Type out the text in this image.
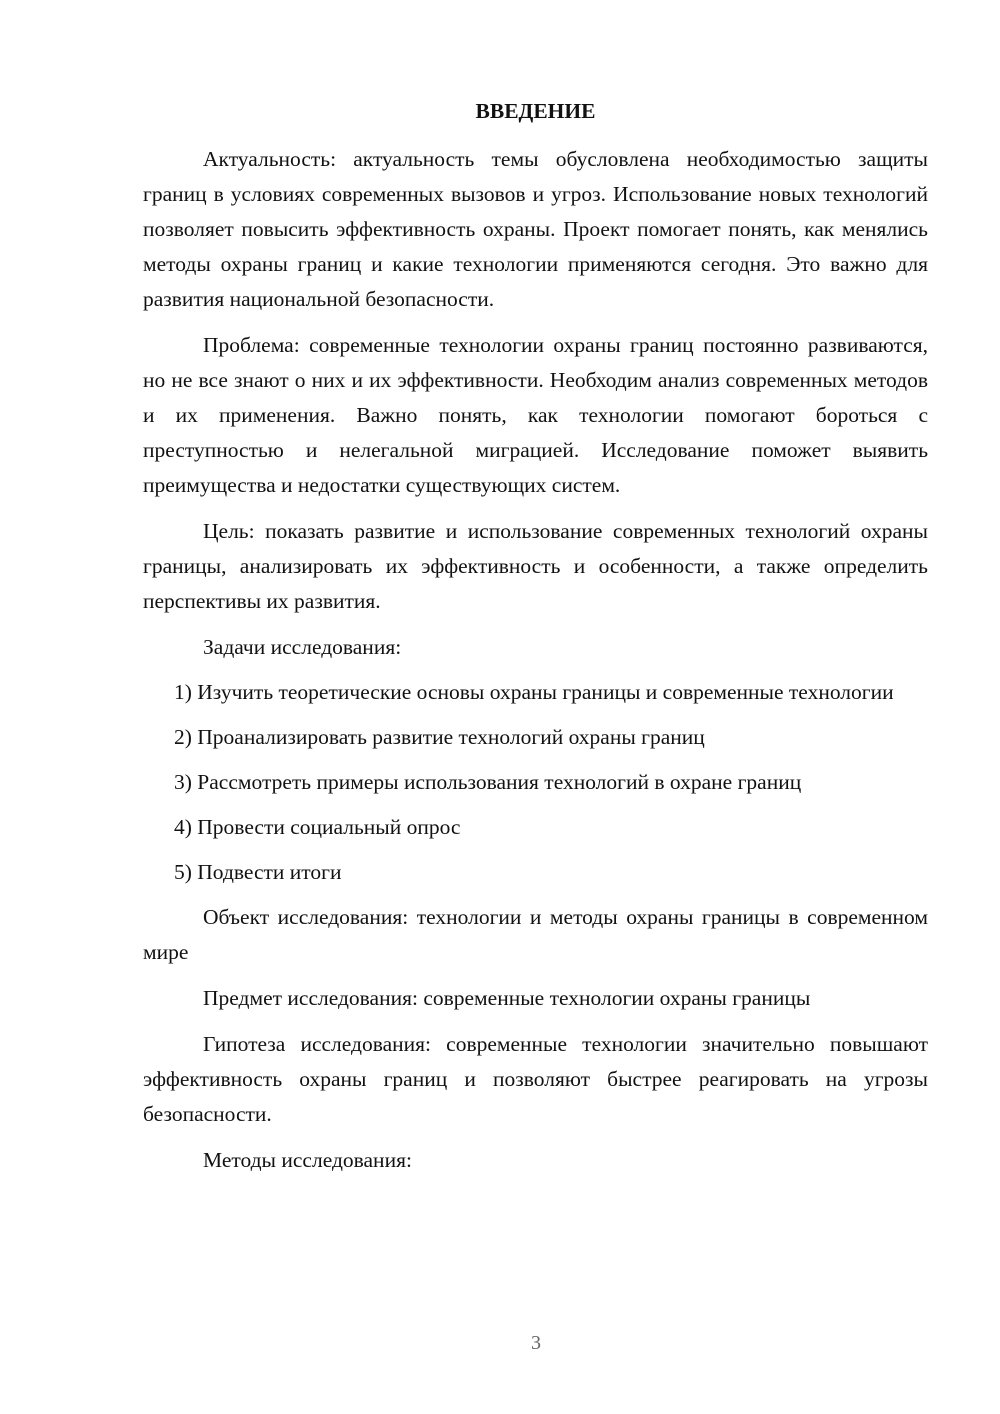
ВВЕДЕНИЕ

Актуальность: актуальность темы обусловлена необходимостью защиты границ в условиях современных вызовов и угроз. Использование новых технологий позволяет повысить эффективность охраны. Проект помогает понять, как менялись методы охраны границ и какие технологии применяются сегодня. Это важно для развития национальной безопасности.

Проблема: современные технологии охраны границ постоянно развиваются, но не все знают о них и их эффективности. Необходим анализ современных методов и их применения. Важно понять, как технологии помогают бороться с преступностью и нелегальной миграцией. Исследование поможет выявить преимущества и недостатки существующих систем.

Цель: показать развитие и использование современных технологий охраны границы, анализировать их эффективность и особенности, а также определить перспективы их развития.

Задачи исследования:

1) Изучить теоретические основы охраны границы и современные технологии

2) Проанализировать развитие технологий охраны границ

3) Рассмотреть примеры использования технологий в охране границ

4) Провести социальный опрос

5) Подвести итоги

Объект исследования: технологии и методы охраны границы в современном мире

Предмет исследования: современные технологии охраны границы

Гипотеза исследования: современные технологии значительно повышают эффективность охраны границ и позволяют быстрее реагировать на угрозы безопасности.

Методы исследования:

3
